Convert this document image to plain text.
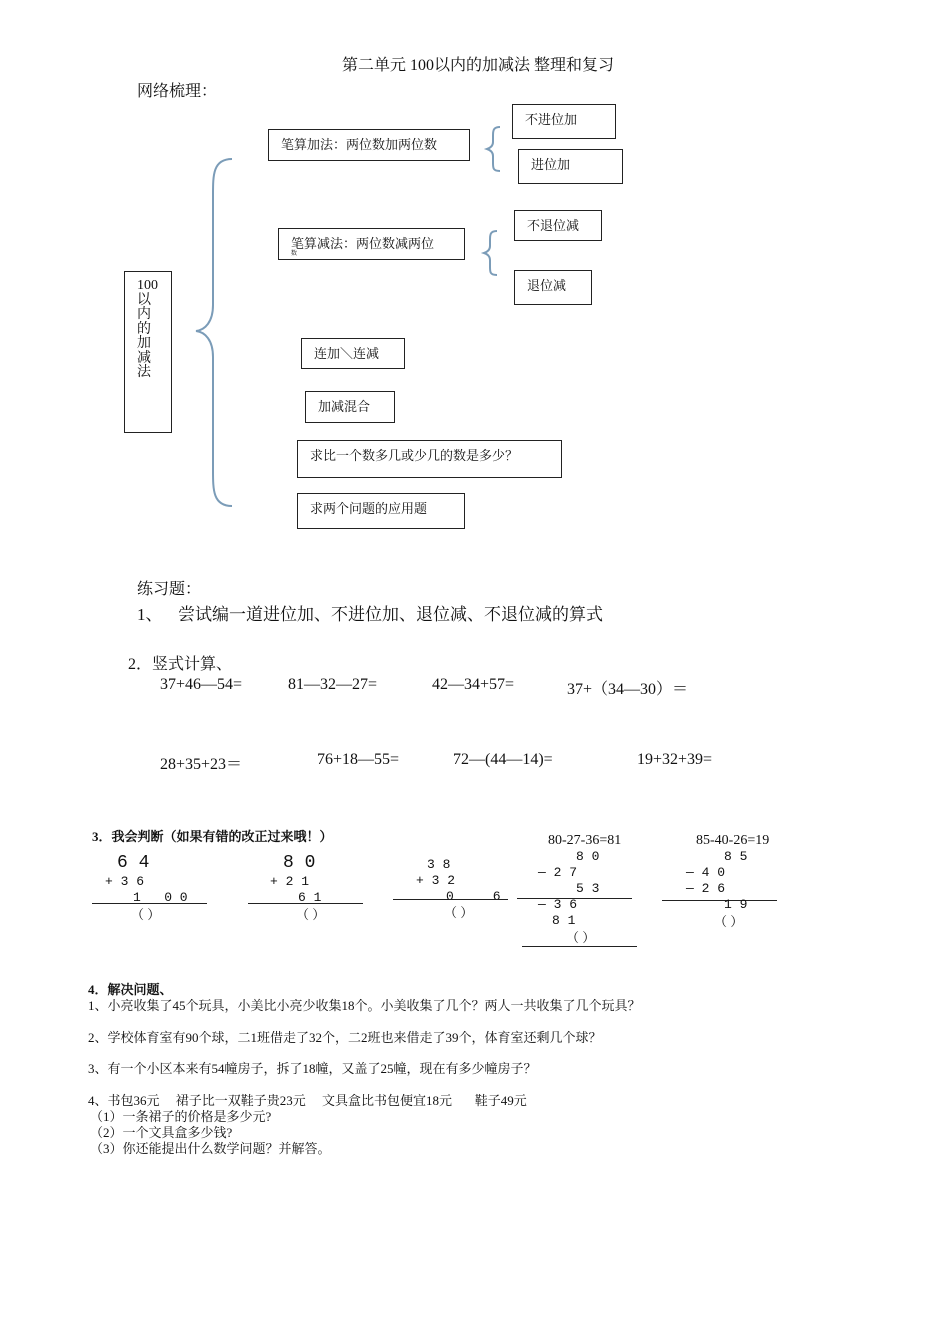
第二单元 100以内的加减法 整理和复习
网络梳理：
100以内的加减法
笔算加法：两位数加两位数
不进位加
进位加
笔算减法：两位数减两位
数
不退位减
退位减
连加＼连减
加减混合
求比一个数多几或少几的数是多少？
求两个问题的应用题
练习题：
1、 尝试编一道进位加、不进位加、退位减、不退位减的算式
2．竖式计算、
37+46—54=	81—32—27=	42—34+57=	37+（34—30）＝
28+35+23＝	76+18—55=	72—(44—14)=	19+32+39=
3．我会判断（如果有错的改正过来哦！）
6 4
+ 3 6
1   0 0
（ ）
8 0
+ 2 1
6 1
（ ）
3 8
+ 3 2
0     6
（ ）
80-27-36=81
8 0
— 2 7
5 3
— 3 6
8 1
（ ）
85-40-26=19
8 5
— 4 0
— 2 6
1 9
（ ）
4．解决问题、
1、小亮收集了45个玩具，小美比小亮少收集18个。小美收集了几个？两人一共收集了几个玩具？
2、学校体育室有90个球，二1班借走了32个，二2班也来借走了39个，体育室还剩几个球？
3、有一个小区本来有54幢房子，拆了18幢，又盖了25幢，现在有多少幢房子？
4、书包36元     裙子比一双鞋子贵23元     文具盒比书包便宜18元       鞋子49元
（1）一条裙子的价格是多少元?
（2）一个文具盒多少钱?
（3）你还能提出什么数学问题？并解答。
